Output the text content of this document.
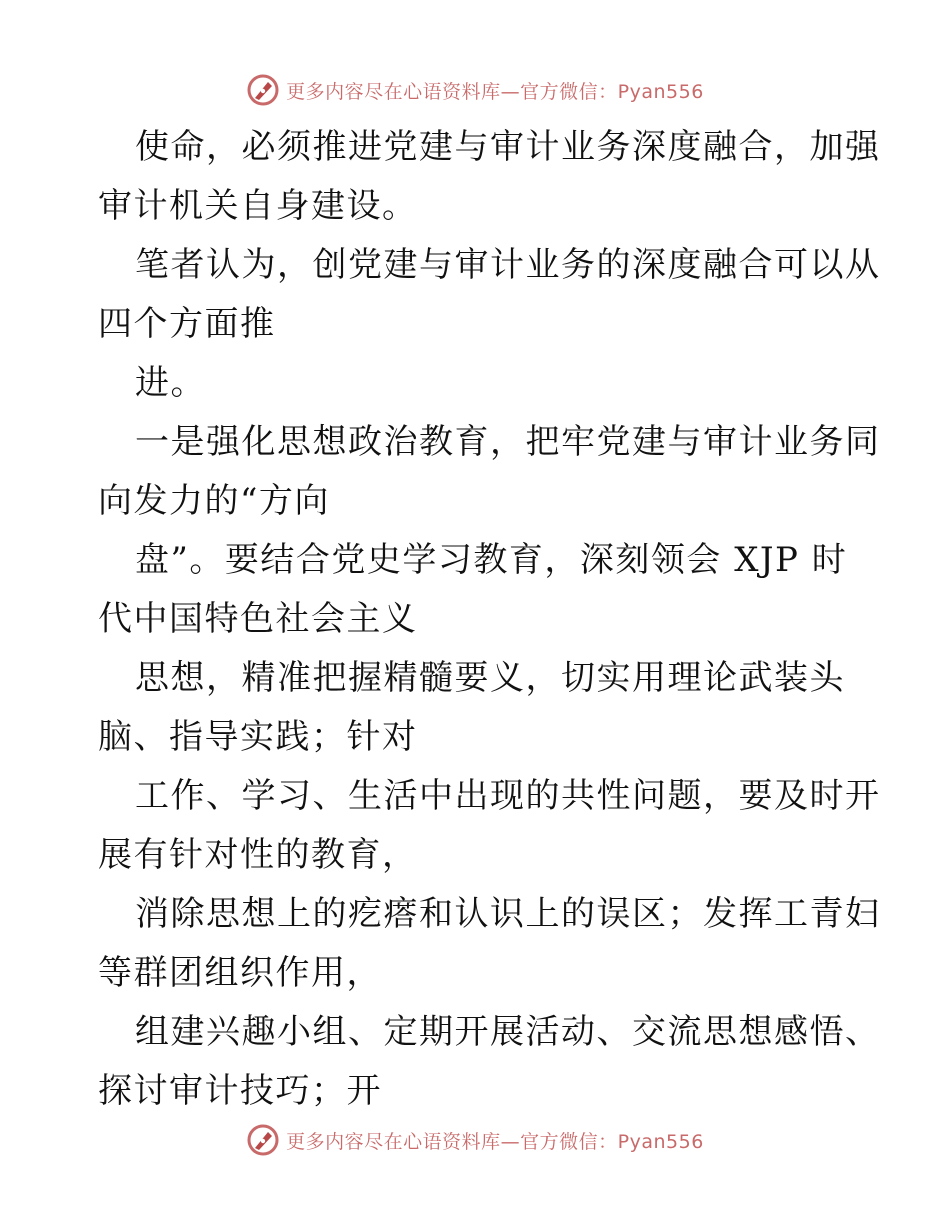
更多内容尽在心语资料库—官方微信：Pyan556
使命，必须推进党建与审计业务深度融合，加强
审计机关自身建设。
笔者认为，创党建与审计业务的深度融合可以从
四个方面推
进。
一是强化思想政治教育，把牢党建与审计业务同
向发力的“方向
盘”。要结合党史学习教育，深刻领会 XJP 时
代中国特色社会主义
思想，精准把握精髓要义，切实用理论武装头
脑、指导实践；针对
工作、学习、生活中出现的共性问题，要及时开
展有针对性的教育，
消除思想上的疙瘩和认识上的误区；发挥工青妇
等群团组织作用，
组建兴趣小组、定期开展活动、交流思想感悟、
探讨审计技巧；开
更多内容尽在心语资料库—官方微信：Pyan556
